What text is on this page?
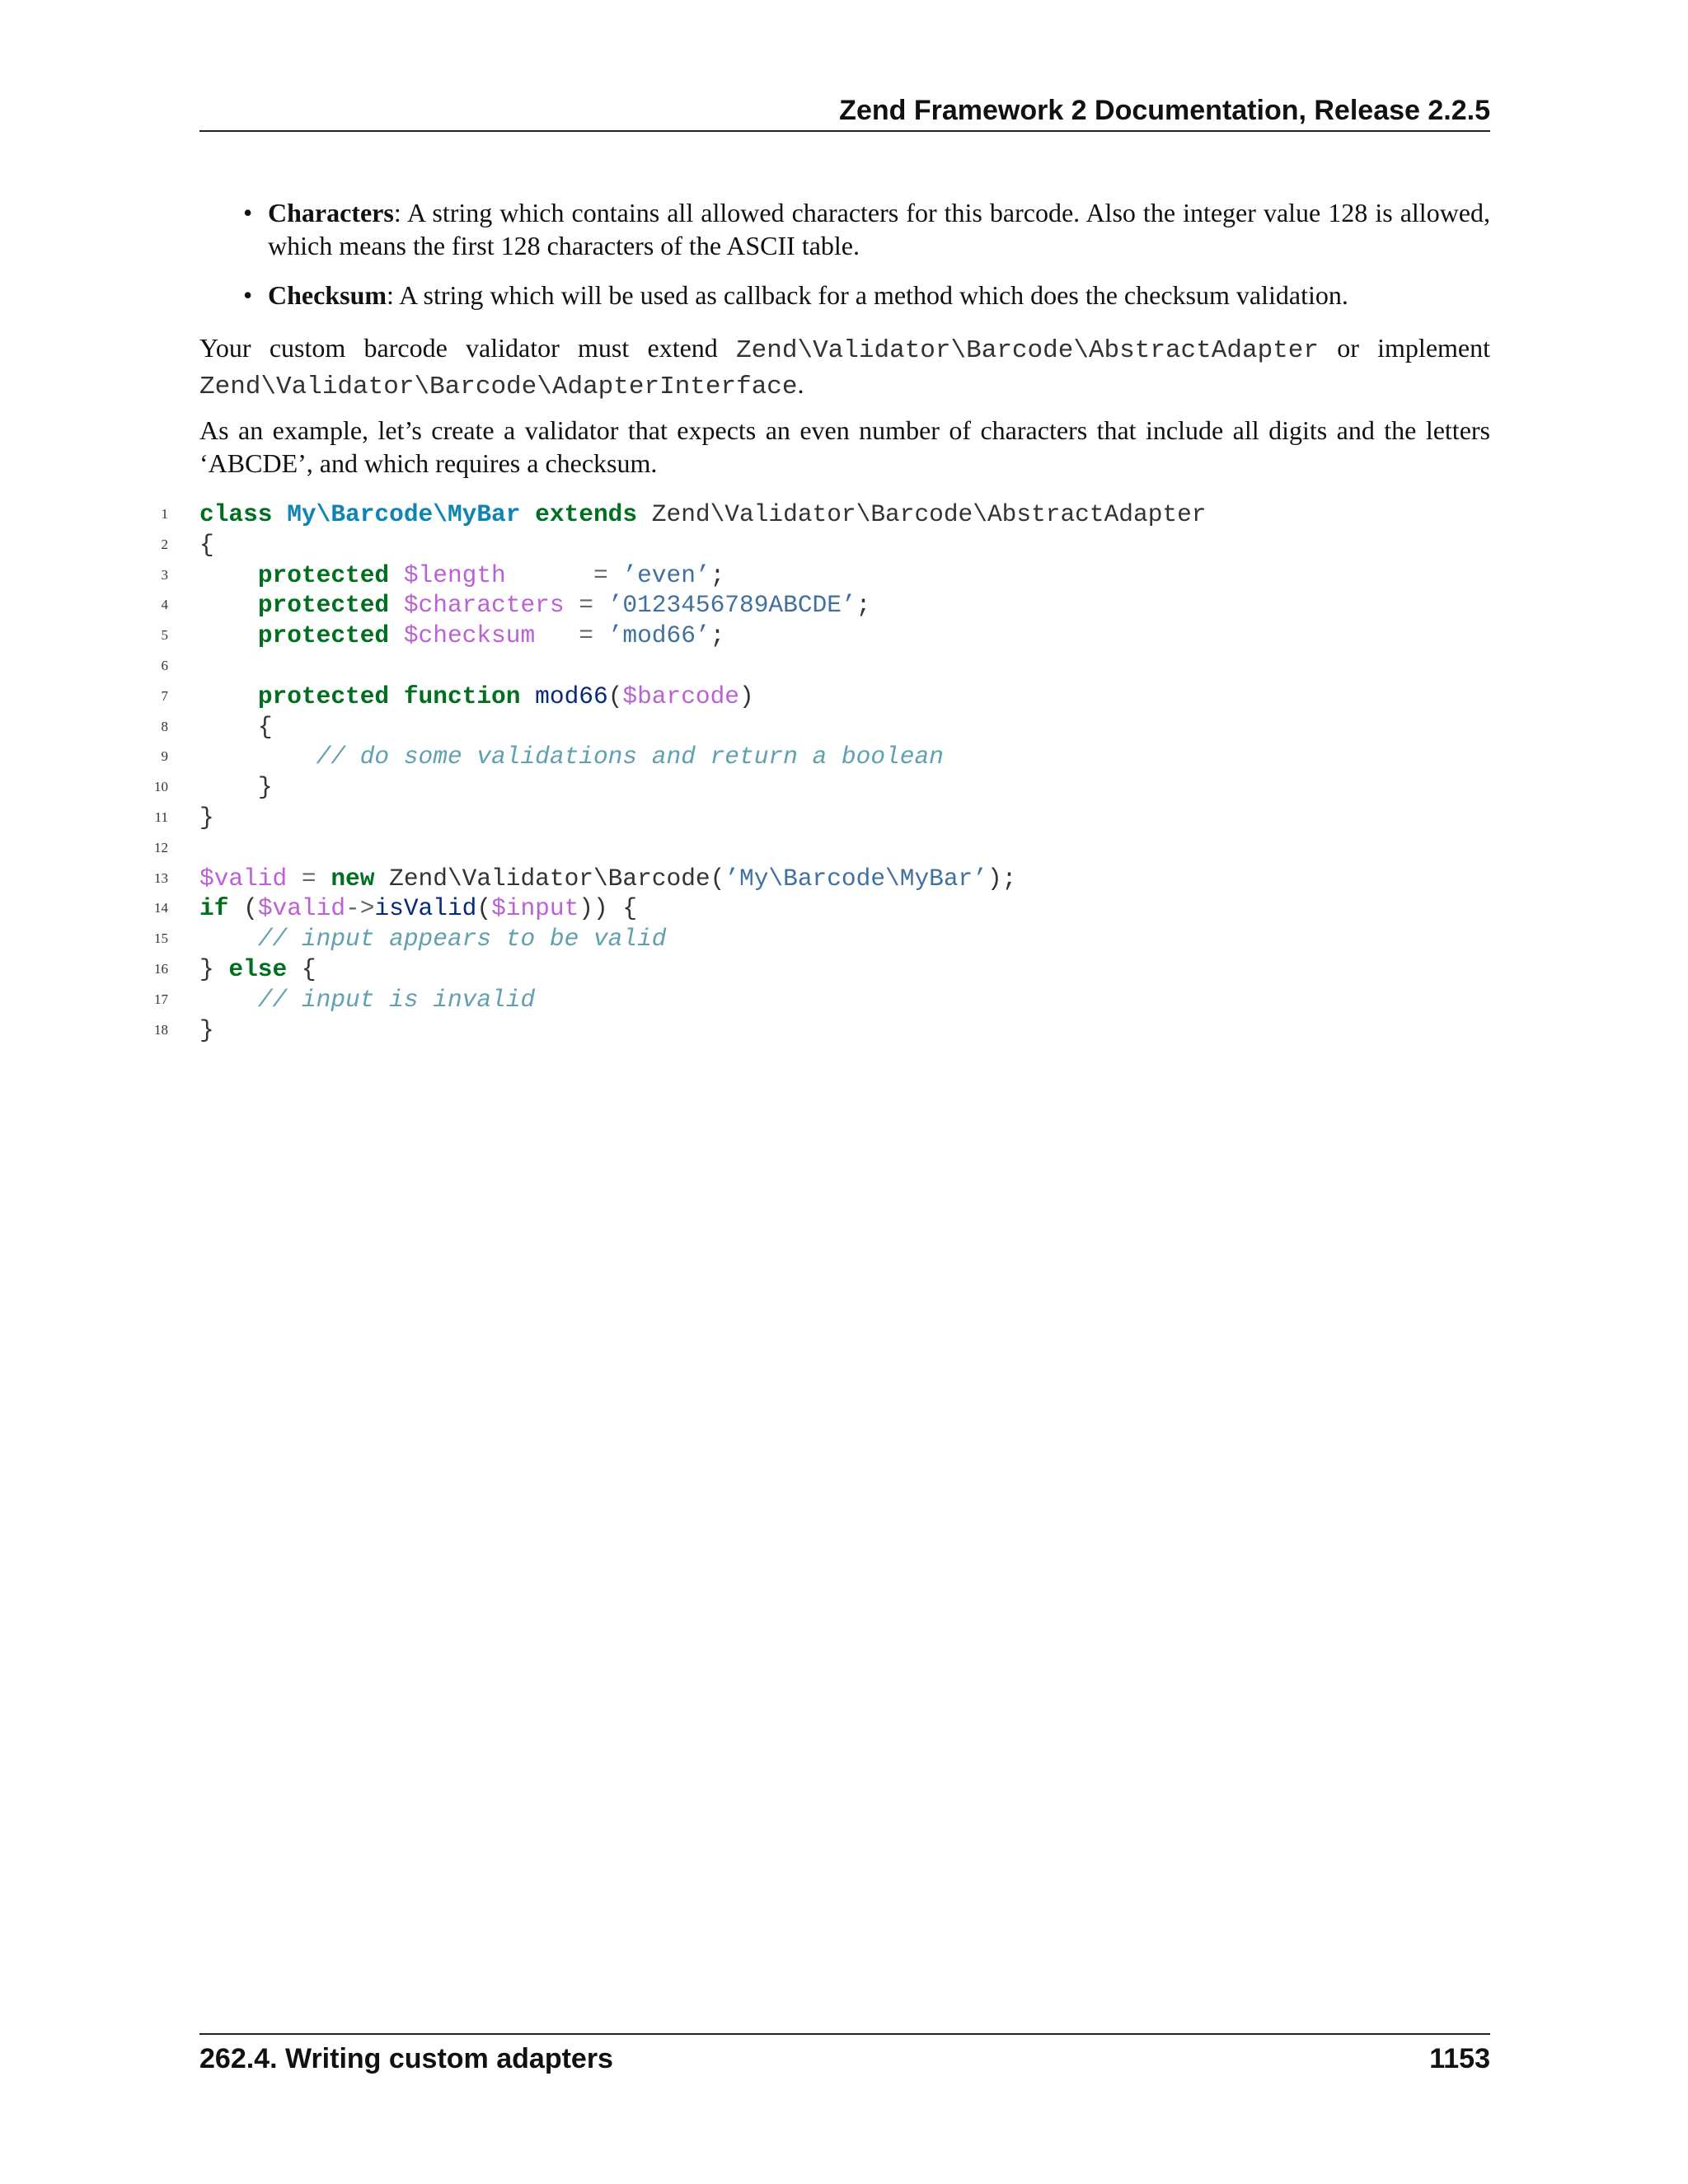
Zend Framework 2 Documentation, Release 2.2.5
• Characters: A string which contains all allowed characters for this barcode. Also the integer value 128 is allowed, which means the first 128 characters of the ASCII table.
• Checksum: A string which will be used as callback for a method which does the checksum validation.

Your custom barcode validator must extend Zend\Validator\Barcode\AbstractAdapter or implement Zend\Validator\Barcode\AdapterInterface.

As an example, let’s create a validator that expects an even number of characters that include all digits and the letters ‘ABCDE’, and which requires a checksum.

1 class My\Barcode\MyBar extends Zend\Validator\Barcode\AbstractAdapter
2 {
3	protected $length	= ’even’;
4	protected $characters = ’0123456789ABCDE’;
5	protected $checksum = ’mod66’;
6
7	protected function mod66($barcode)
8	{
9	// do some validations and return a boolean
10	}
11 }
12
13 $valid = new Zend\Validator\Barcode(’My\Barcode\MyBar’);
14 if ($valid->isValid($input)) {
15	// input appears to be valid
16 } else {
17	// input is invalid
18 }
262.4. Writing custom adapters	1153
